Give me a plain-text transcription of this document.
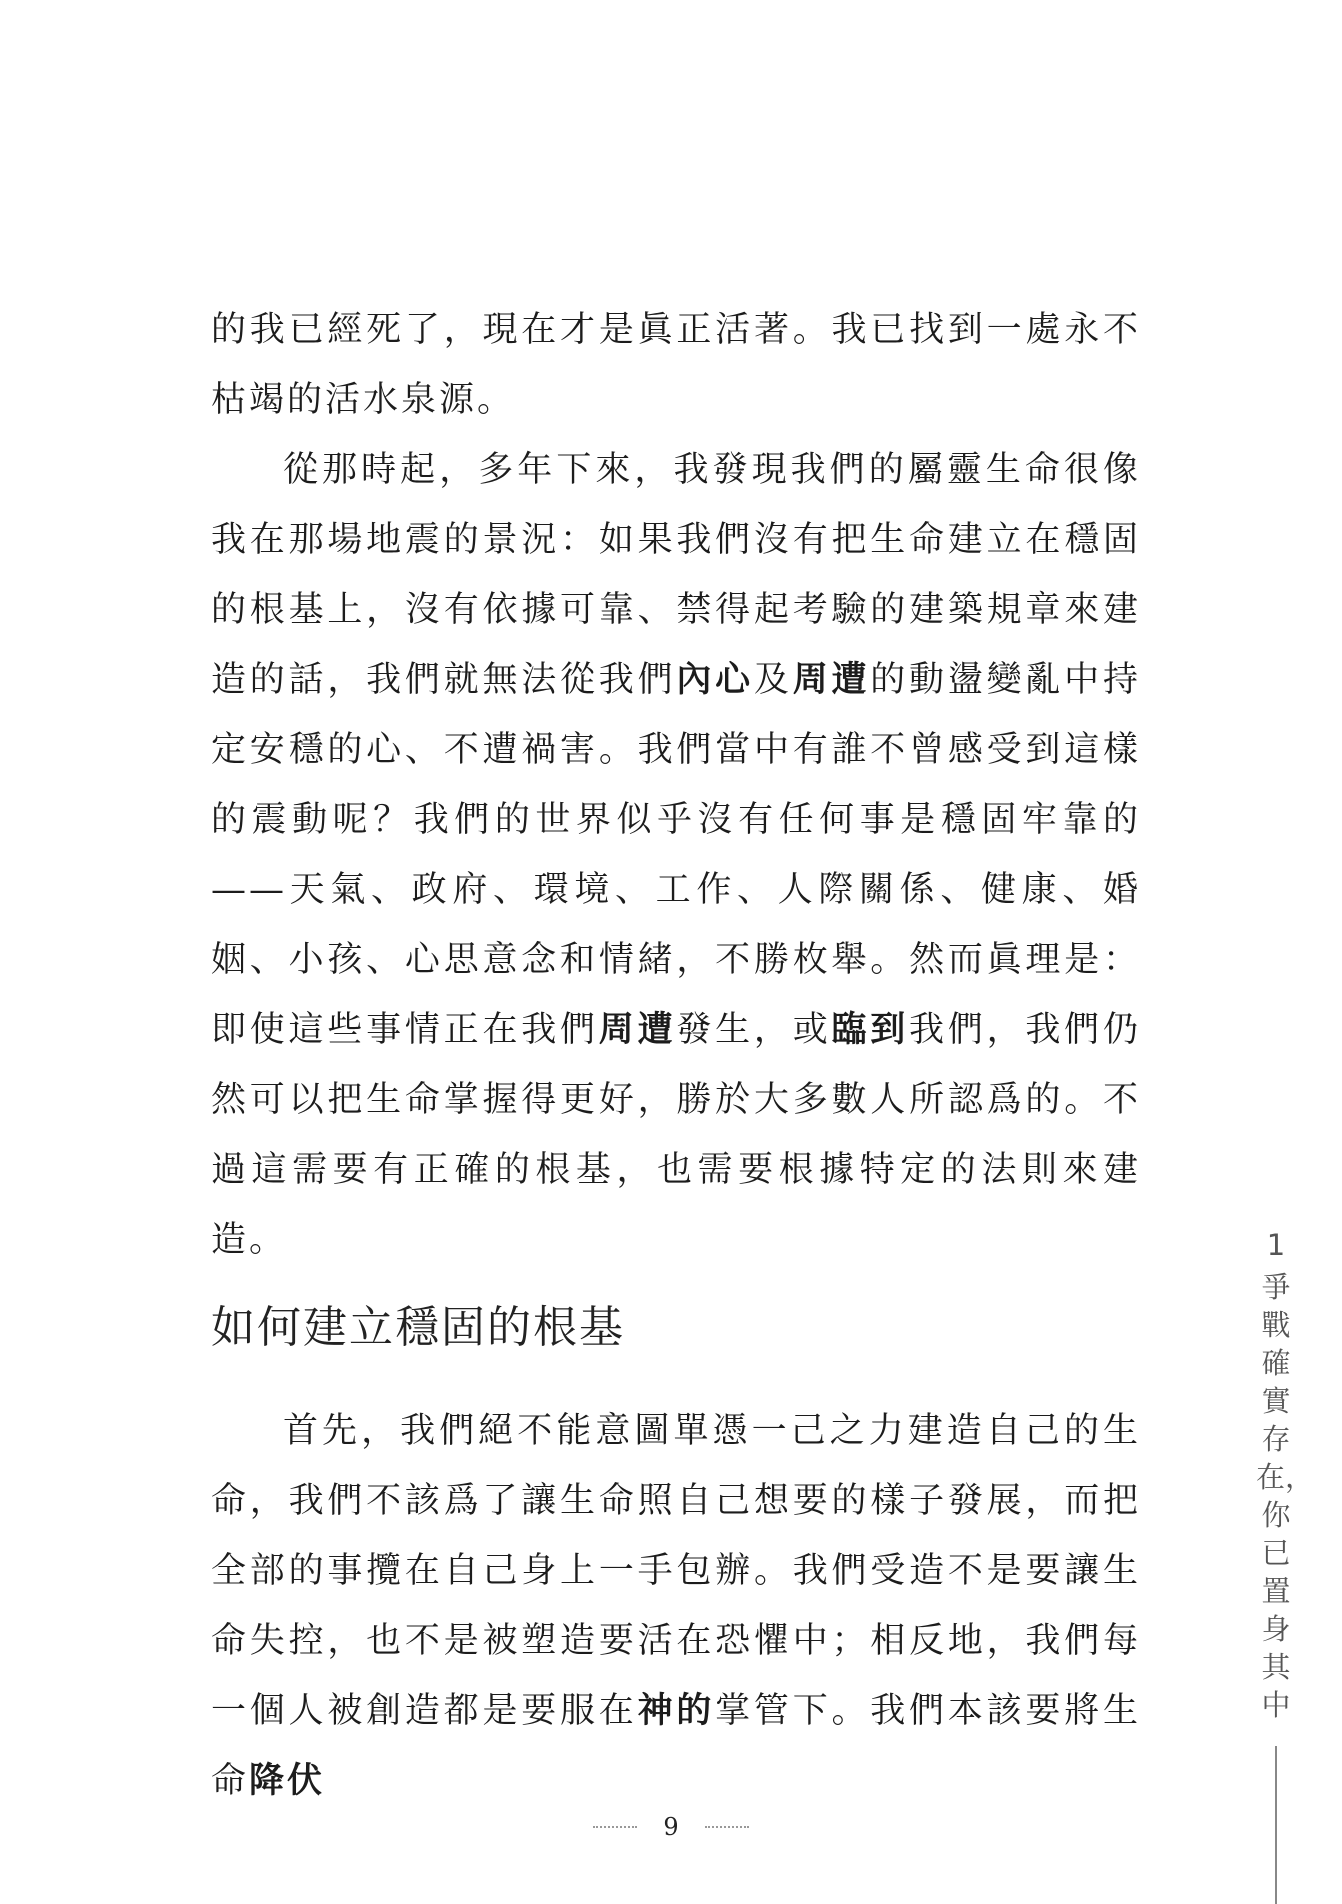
的我已經死了，現在才是眞正活著。我已找到一處永不枯竭的活水泉源。

從那時起，多年下來，我發現我們的屬靈生命很像我在那場地震的景況：如果我們沒有把生命建立在穩固的根基上，沒有依據可靠、禁得起考驗的建築規章來建造的話，我們就無法從我們內心及周遭的動盪變亂中持定安穩的心、不遭禍害。我們當中有誰不曾感受到這樣的震動呢？我們的世界似乎沒有任何事是穩固牢靠的——天氣、政府、環境、工作、人際關係、健康、婚姻、小孩、心思意念和情緒，不勝枚舉。然而眞理是：即使這些事情正在我們周遭發生，或臨到我們，我們仍然可以把生命掌握得更好，勝於大多數人所認爲的。不過這需要有正確的根基，也需要根據特定的法則來建造。

如何建立穩固的根基

首先，我們絕不能意圖單憑一己之力建造自己的生命，我們不該爲了讓生命照自己想要的樣子發展，而把全部的事攬在自己身上一手包辦。我們受造不是要讓生命失控，也不是被塑造要活在恐懼中；相反地，我們每一個人被創造都是要服在神的掌管下。我們本該要將生命降伏

1
爭戰確實存在，你已置身其中
9
